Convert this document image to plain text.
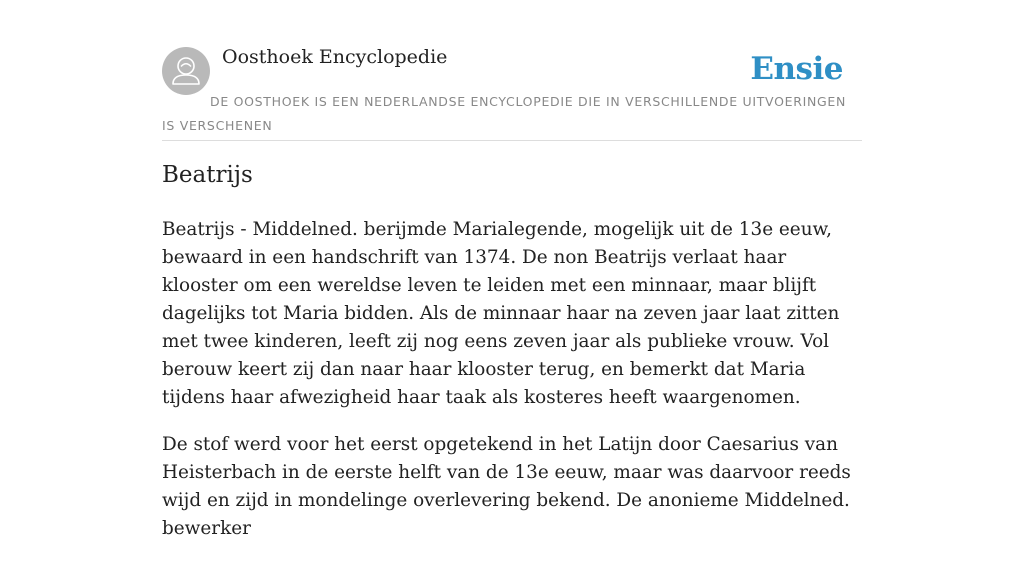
Oosthoek Encyclopedie	Ensie
DE OOSTHOEK IS EEN NEDERLANDSE ENCYCLOPEDIE DIE IN VERSCHILLENDE UITVOERINGEN IS VERSCHENEN
Beatrijs

Beatrijs - Middelned. berijmde Marialegende, mogelijk uit de 13e eeuw, bewaard in een handschrift van 1374. De non Beatrijs verlaat haar klooster om een wereldse leven te leiden met een minnaar, maar blijft dagelijks tot Maria bidden. Als de minnaar haar na zeven jaar laat zitten met twee kinderen, leeft zij nog eens zeven jaar als publieke vrouw. Vol berouw keert zij dan naar haar klooster terug, en bemerkt dat Maria tijdens haar afwezigheid haar taak als kosteres heeft waargenomen.

De stof werd voor het eerst opgetekend in het Latijn door Caesarius van Heisterbach in de eerste helft van de 13e eeuw, maar was daarvoor reeds wijd en zijd in mondelinge overlevering bekend. De anonieme Middelned. bewerker
